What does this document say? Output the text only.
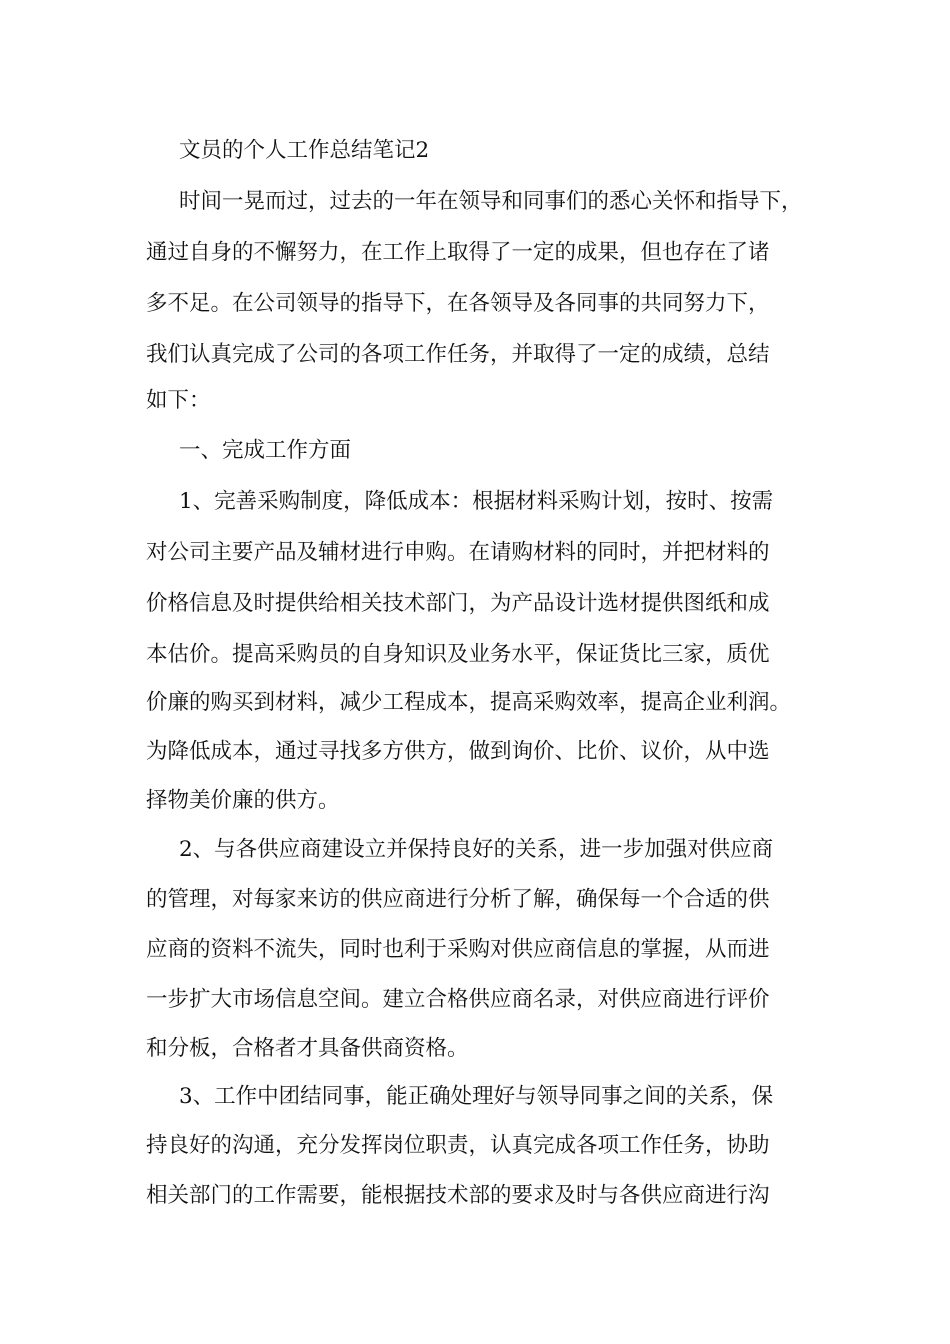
文员的个人工作总结笔记2
时间一晃而过，过去的一年在领导和同事们的悉心关怀和指导下，
通过自身的不懈努力，在工作上取得了一定的成果，但也存在了诸
多不足。在公司领导的指导下，在各领导及各同事的共同努力下，
我们认真完成了公司的各项工作任务，并取得了一定的成绩，总结
如下：
一、完成工作方面
1、完善采购制度，降低成本：根据材料采购计划，按时、按需
对公司主要产品及辅材进行申购。在请购材料的同时，并把材料的
价格信息及时提供给相关技术部门，为产品设计选材提供图纸和成
本估价。提高采购员的自身知识及业务水平，保证货比三家，质优
价廉的购买到材料，减少工程成本，提高采购效率，提高企业利润。
为降低成本，通过寻找多方供方，做到询价、比价、议价，从中选
择物美价廉的供方。
2、与各供应商建设立并保持良好的关系，进一步加强对供应商
的管理，对每家来访的供应商进行分析了解，确保每一个合适的供
应商的资料不流失，同时也利于采购对供应商信息的掌握，从而进
一步扩大市场信息空间。建立合格供应商名录，对供应商进行评价
和分板，合格者才具备供商资格。
3、工作中团结同事，能正确处理好与领导同事之间的关系，保
持良好的沟通，充分发挥岗位职责，认真完成各项工作任务，协助
相关部门的工作需要，能根据技术部的要求及时与各供应商进行沟
